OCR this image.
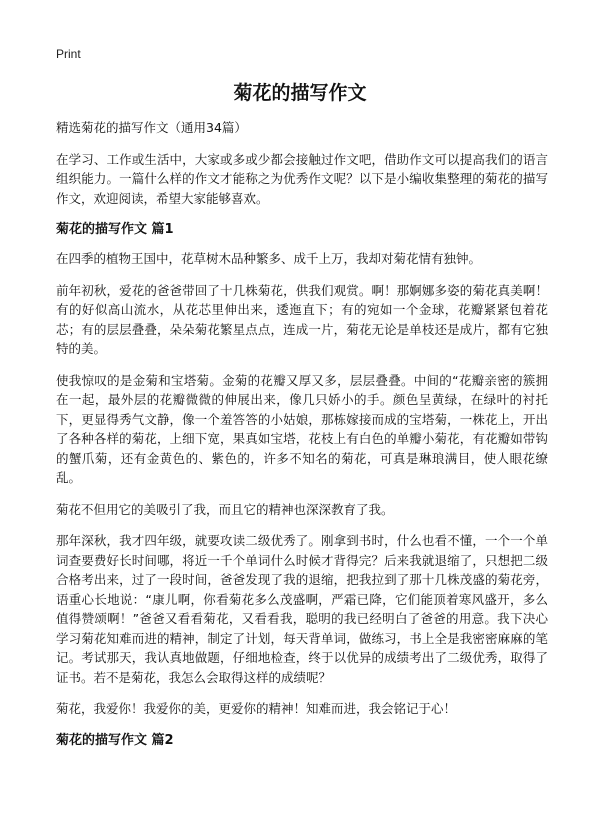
Print
菊花的描写作文

精选菊花的描写作文（通用34篇）

在学习、工作或生活中，大家或多或少都会接触过作文吧，借助作文可以提高我们的语言组织能力。一篇什么样的作文才能称之为优秀作文呢？以下是小编收集整理的菊花的描写作文，欢迎阅读，希望大家能够喜欢。

菊花的描写作文 篇1

在四季的植物王国中，花草树木品种繁多、成千上万，我却对菊花情有独钟。

前年初秋，爱花的爸爸带回了十几株菊花，供我们观赏。啊！那婀娜多姿的菊花真美啊！有的好似高山流水，从花芯里伸出来，逶迤直下；有的宛如一个金球，花瓣紧紧包着花芯；有的层层叠叠，朵朵菊花繁星点点，连成一片，菊花无论是单枝还是成片，都有它独特的美。

使我惊叹的是金菊和宝塔菊。金菊的花瓣又厚又多，层层叠叠。中间的“花瓣亲密的簇拥在一起，最外层的花瓣微微的伸展出来，像几只娇小的手。颜色呈黄绿，在绿叶的衬托下，更显得秀气文静，像一个羞答答的小姑娘，那栋嫁接而成的宝塔菊，一株花上，开出了各种各样的菊花，上细下宽，果真如宝塔，花枝上有白色的单瓣小菊花，有花瓣如带钩的蟹爪菊，还有金黄色的、紫色的，许多不知名的菊花，可真是琳琅满目，使人眼花缭乱。

菊花不但用它的美吸引了我，而且它的精神也深深教育了我。

那年深秋，我才四年级，就要攻读二级优秀了。刚拿到书时，什么也看不懂，一个一个单词查要费好长时间哪，将近一千个单词什么时候才背得完？后来我就退缩了，只想把二级合格考出来，过了一段时间，爸爸发现了我的退缩，把我拉到了那十几株茂盛的菊花旁，语重心长地说：“康儿啊，你看菊花多么茂盛啊，严霜已降，它们能顶着寒风盛开，多么值得赞颂啊！”爸爸又看看菊花，又看看我，聪明的我已经明白了爸爸的用意。我下决心学习菊花知难而进的精神，制定了计划，每天背单词，做练习，书上全是我密密麻麻的笔记。考试那天，我认真地做题，仔细地检查，终于以优异的成绩考出了二级优秀，取得了证书。若不是菊花，我怎么会取得这样的成绩呢？

菊花，我爱你！我爱你的美，更爱你的精神！知难而进，我会铭记于心！

菊花的描写作文 篇2
